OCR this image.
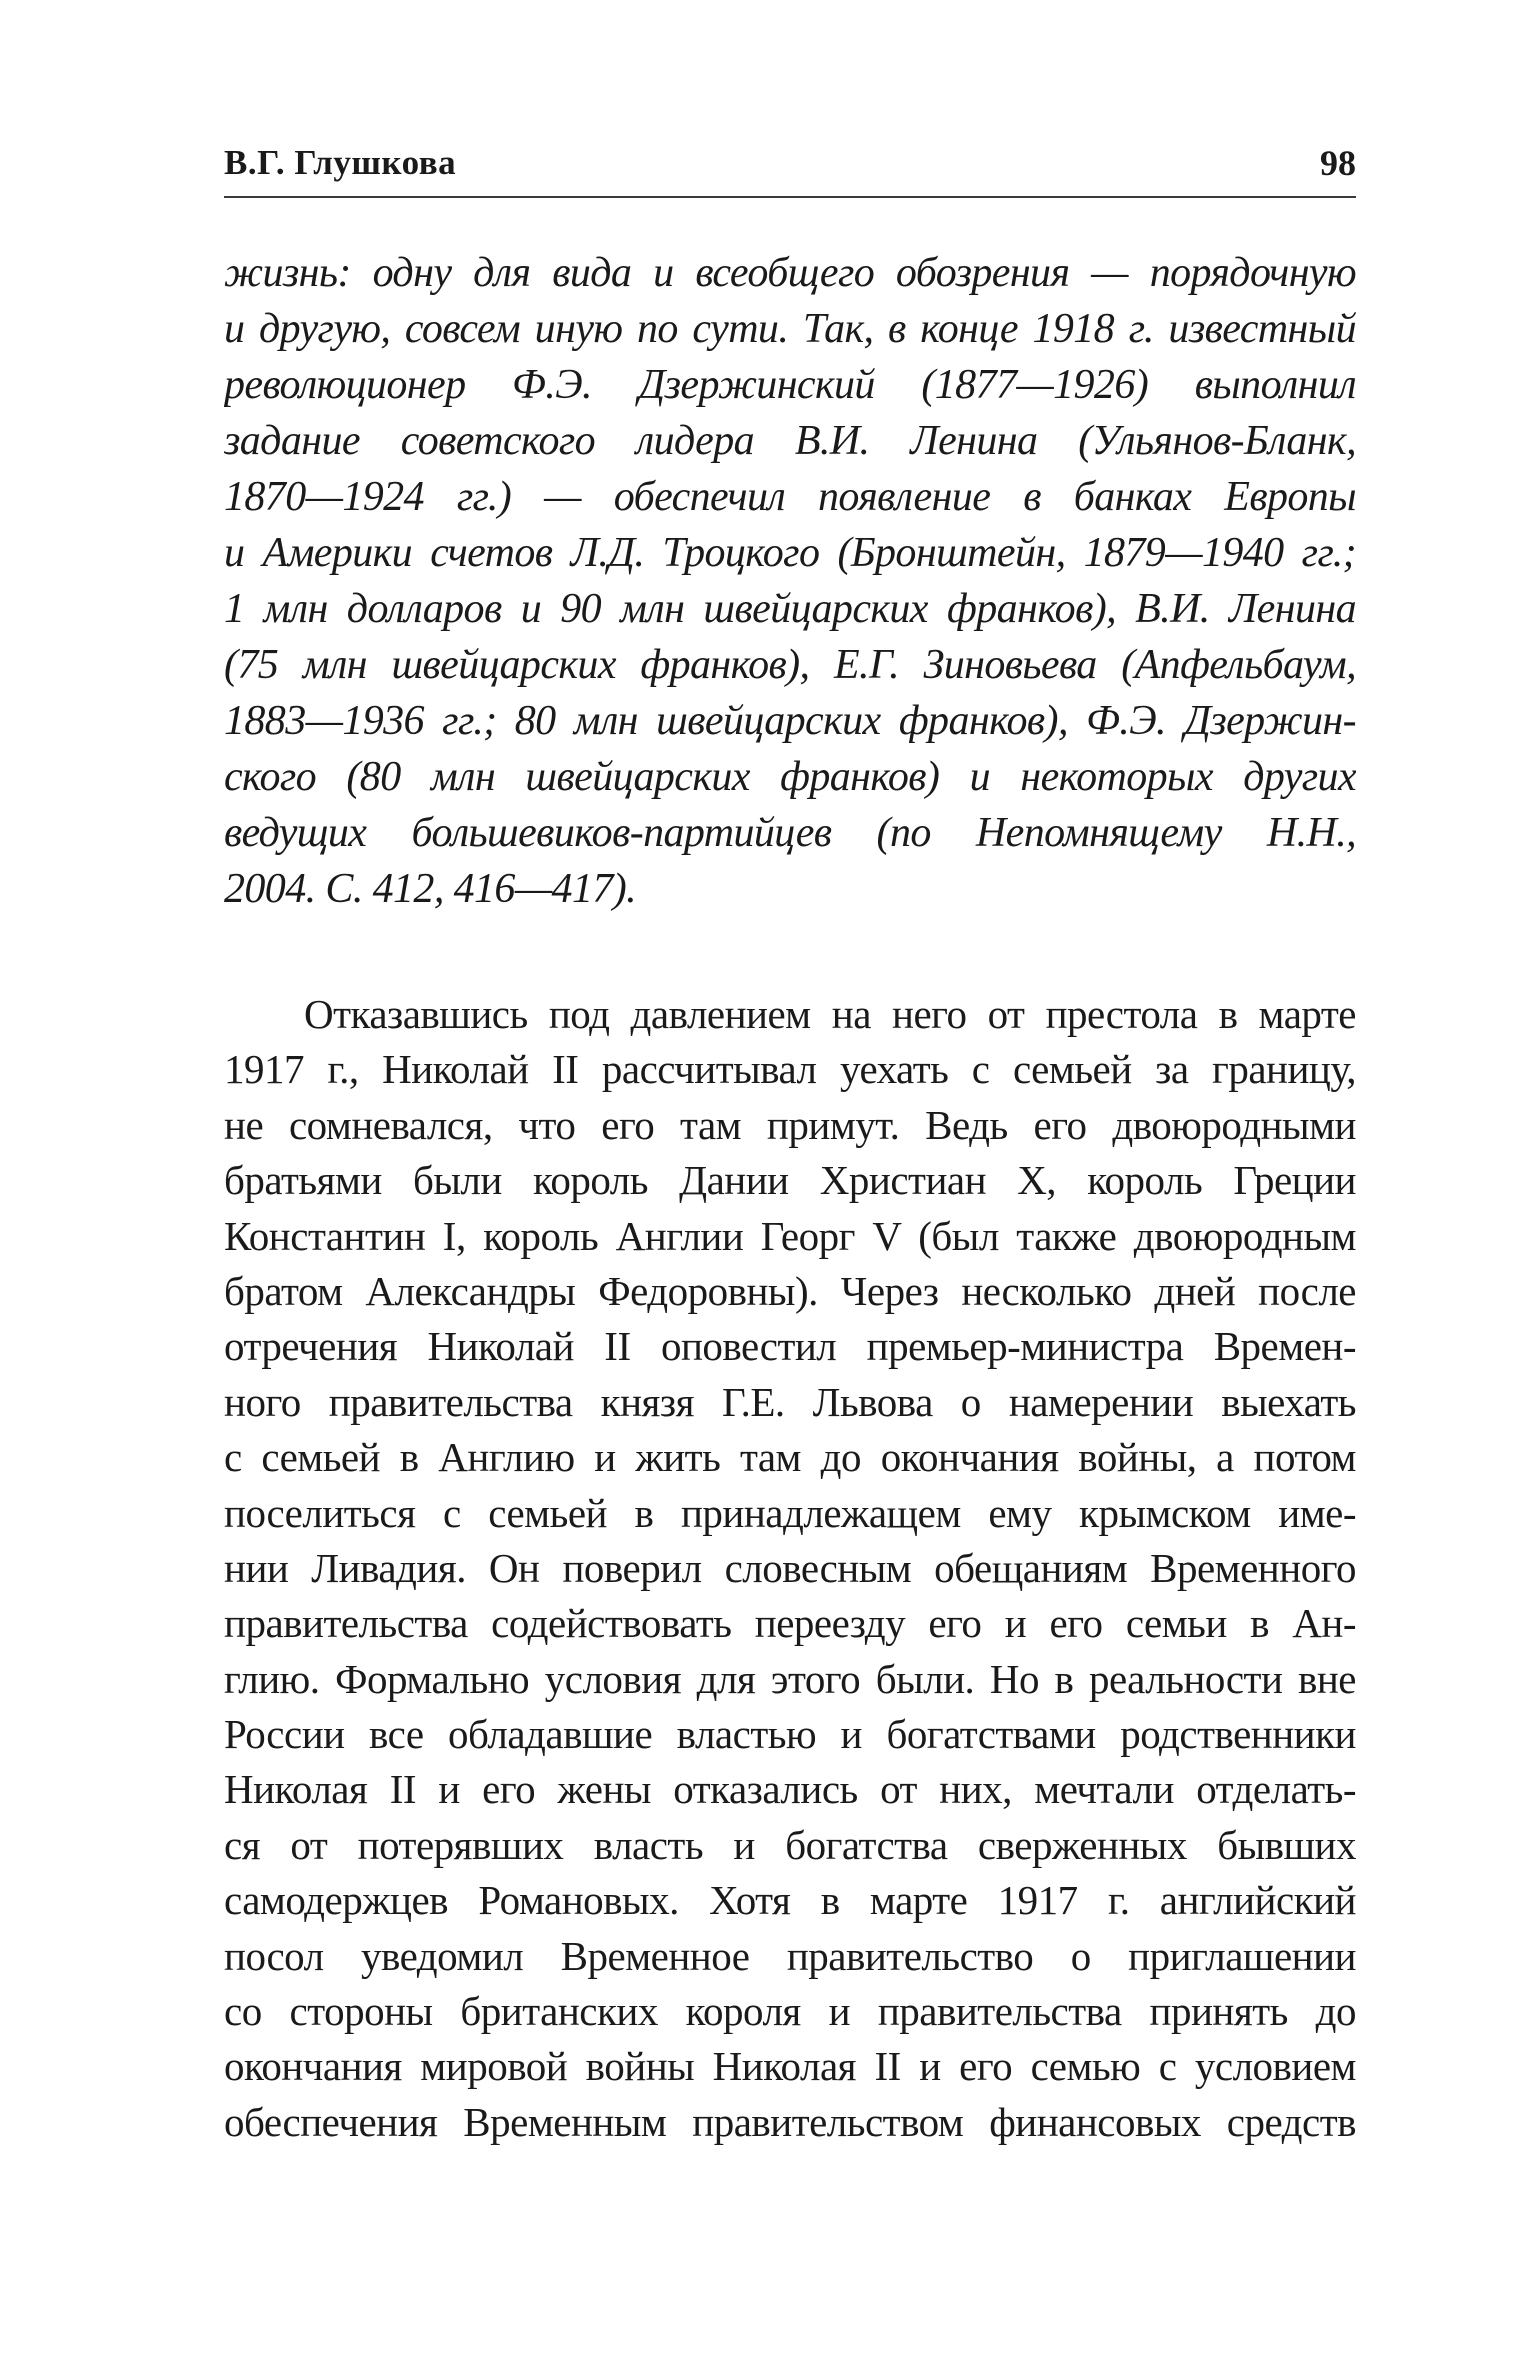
В.Г. Глушкова	98
жизнь: одну для вида и всеобщего обозрения — порядочную
и другую, совсем иную по сути. Так, в конце 1918 г. известный
революционер Ф.Э. Дзержинский (1877—1926) выполнил
задание советского лидера В.И. Ленина (Ульянов-Бланк,
1870—1924 гг.) — обеспечил появление в банках Европы
и Америки счетов Л.Д. Троцкого (Бронштейн, 1879—1940 гг.;
1 млн долларов и 90 млн швейцарских франков), В.И. Ленина
(75 млн швейцарских франков), Е.Г. Зиновьева (Апфельбаум,
1883—1936 гг.; 80 млн швейцарских франков), Ф.Э. Дзержин-
ского (80 млн швейцарских франков) и некоторых других
ведущих большевиков-партийцев (по Непомнящему Н.Н.,
2004. С. 412, 416—417).
Отказавшись под давлением на него от престола в марте
1917 г., Николай II рассчитывал уехать с семьей за границу,
не сомневался, что его там примут. Ведь его двоюродными
братьями были король Дании Христиан X, король Греции
Константин I, король Англии Георг V (был также двоюродным
братом Александры Федоровны). Через несколько дней после
отречения Николай II оповестил премьер-министра Времен-
ного правительства князя Г.Е. Львова о намерении выехать
с семьей в Англию и жить там до окончания войны, а потом
поселиться с семьей в принадлежащем ему крымском име-
нии Ливадия. Он поверил словесным обещаниям Временного
правительства содействовать переезду его и его семьи в Ан-
глию. Формально условия для этого были. Но в реальности вне
России все обладавшие властью и богатствами родственники
Николая II и его жены отказались от них, мечтали отделать-
ся от потерявших власть и богатства сверженных бывших
самодержцев Романовых. Хотя в марте 1917 г. английский
посол уведомил Временное правительство о приглашении
со стороны британских короля и правительства принять до
окончания мировой войны Николая II и его семью с условием
обеспечения Временным правительством финансовых средств
